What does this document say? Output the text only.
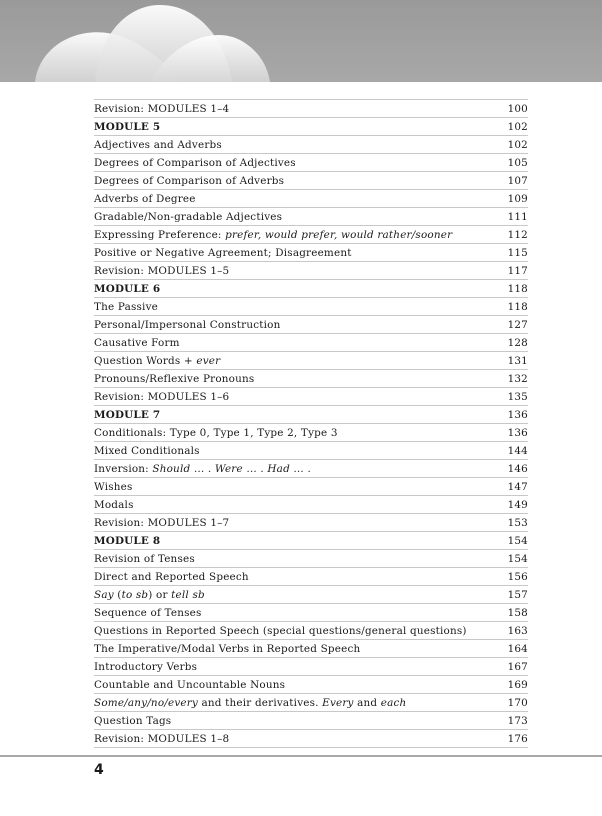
Revision: MODULES 1–4	100
MODULE 5	102
Adjectives and Adverbs	102
Degrees of Comparison of Adjectives	105
Degrees of Comparison of Adverbs	107
Adverbs of Degree	109
Gradable/Non-gradable Adjectives	111
Expressing Preference: prefer, would prefer, would rather/sooner	112
Positive or Negative Agreement; Disagreement	115
Revision: MODULES 1–5	117
MODULE 6	118
The Passive	118
Personal/Impersonal Construction	127
Causative Form	128
Question Words + ever	131
Pronouns/Reflexive Pronouns	132
Revision: MODULES 1–6	135
MODULE 7	136
Conditionals: Type 0, Type 1, Type 2, Type 3	136
Mixed Conditionals	144
Inversion: Should … . Were … . Had … .	146
Wishes	147
Modals	149
Revision: MODULES 1–7	153
MODULE 8	154
Revision of Tenses	154
Direct and Reported Speech	156
Say (to sb) or tell sb	157
Sequence of Tenses	158
Questions in Reported Speech (special questions/general questions)	163
The Imperative/Modal Verbs in Reported Speech	164
Introductory Verbs	167
Countable and Uncountable Nouns	169
Some/any/no/every and their derivatives. Every and each	170
Question Tags	173
Revision: MODULES 1–8	176
4
